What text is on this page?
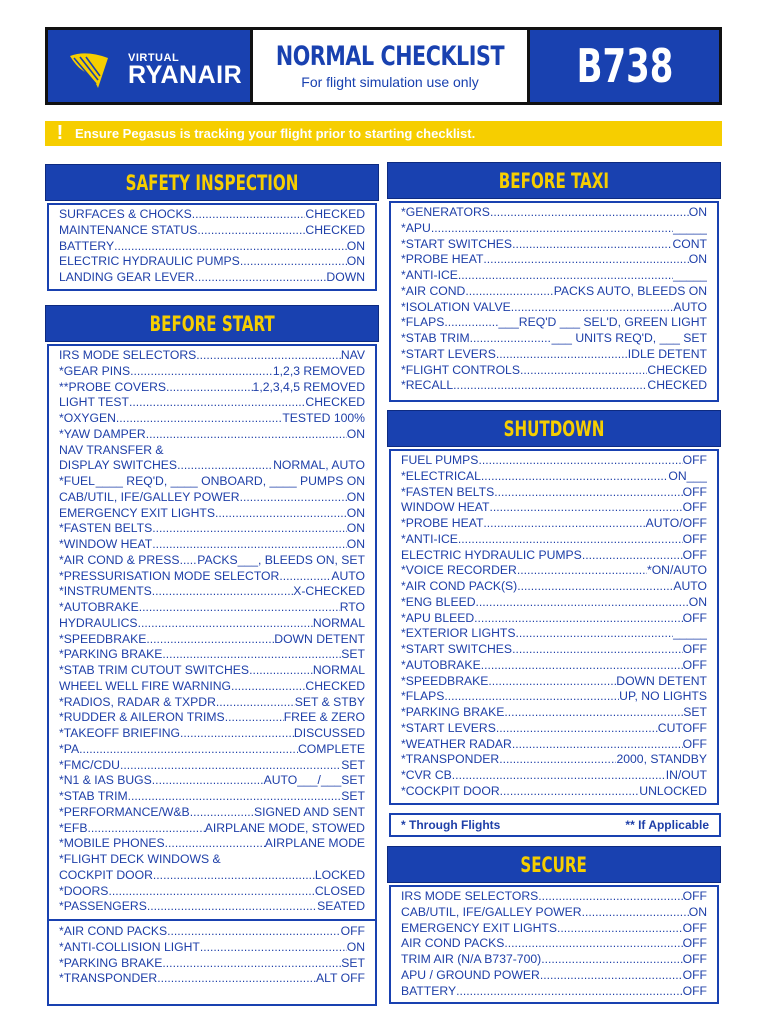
VIRTUAL
RYANAIR
NORMAL CHECKLIST
For flight simulation use only	B738
! Ensure Pegasus is tracking your flight prior to starting checklist.
SAFETY INSPECTION
SURFACES & CHOCKS .....	CHECKED
MAINTENANCE STATUS .....	CHECKED
BATTERY .....	ON
ELECTRIC HYDRAULIC PUMPS .....	ON
LANDING GEAR LEVER .....	DOWN
BEFORE START
IRS MODE SELECTORS .....	NAV
*GEAR PINS .....	1,2,3 REMOVED
**PROBE COVERS .....	1,2,3,4,5 REMOVED
LIGHT TEST .....	CHECKED
*OXYGEN .....	TESTED 100%
*YAW DAMPER .....	ON
NAV TRANSFER &
DISPLAY SWITCHES .....	NORMAL, AUTO
*FUEL ..... ____ REQ'D, ____ ONBOARD, ____ PUMPS ON
CAB/UTIL, IFE/GALLEY POWER .....	ON
EMERGENCY EXIT LIGHTS .....	ON
*FASTEN BELTS .....	ON
*WINDOW HEAT .....	ON
*AIR COND & PRESS ..... PACKS___, BLEEDS ON, SET
*PRESSURISATION MODE SELECTOR .....	AUTO
*INSTRUMENTS .....	X-CHECKED
*AUTOBRAKE .....	RTO
HYDRAULICS .....	NORMAL
*SPEEDBRAKE .....	DOWN DETENT
*PARKING BRAKE .....	SET
*STAB TRIM CUTOUT SWITCHES .....	NORMAL
WHEEL WELL FIRE WARNING .....	CHECKED
*RADIOS, RADAR & TXPDR .....	SET & STBY
*RUDDER & AILERON TRIMS .....	FREE & ZERO
*TAKEOFF BRIEFING .....	DISCUSSED
*PA .....	COMPLETE
*FMC/CDU .....	SET
*N1 & IAS BUGS .....	AUTO___/___SET
*STAB TRIM .....	SET
*PERFORMANCE/W&B .....	SIGNED AND SENT
*EFB .....	AIRPLANE MODE, STOWED
*MOBILE PHONES .....	AIRPLANE MODE
*FLIGHT DECK WINDOWS &
COCKPIT DOOR .....	LOCKED
*DOORS .....	CLOSED
*PASSENGERS .....	SEATED
*AIR COND PACKS .....	OFF
*ANTI-COLLISION LIGHT .....	ON
*PARKING BRAKE .....	SET
*TRANSPONDER .....	ALT OFF
BEFORE TAXI
*GENERATORS .....	ON
*APU .....	_____
*START SWITCHES .....	CONT
*PROBE HEAT .....	ON
*ANTI-ICE .....	_____
*AIR COND .....	PACKS AUTO, BLEEDS ON
*ISOLATION VALVE .....	AUTO
*FLAPS .....	___REQ'D ___ SEL'D, GREEN LIGHT
*STAB TRIM .....	___ UNITS REQ'D, ___ SET
*START LEVERS .....	IDLE DETENT
*FLIGHT CONTROLS .....	CHECKED
*RECALL .....	CHECKED
SHUTDOWN
FUEL PUMPS .....	OFF
*ELECTRICAL .....	ON___
*FASTEN BELTS .....	OFF
WINDOW HEAT .....	OFF
*PROBE HEAT .....	AUTO/OFF
*ANTI-ICE .....	OFF
ELECTRIC HYDRAULIC PUMPS .....	OFF
*VOICE RECORDER .....	*ON/AUTO
*AIR COND PACK(S) .....	AUTO
*ENG BLEED .....	ON
*APU BLEED .....	OFF
*EXTERIOR LIGHTS .....	_____
*START SWITCHES .....	OFF
*AUTOBRAKE .....	OFF
*SPEEDBRAKE .....	DOWN DETENT
*FLAPS .....	UP, NO LIGHTS
*PARKING BRAKE .....	SET
*START LEVERS .....	CUTOFF
*WEATHER RADAR .....	OFF
*TRANSPONDER .....	2000, STANDBY
*CVR CB .....	IN/OUT
*COCKPIT DOOR .....	UNLOCKED
* Through Flights	** If Applicable
SECURE
IRS MODE SELECTORS .....	OFF
CAB/UTIL, IFE/GALLEY POWER .....	ON
EMERGENCY EXIT LIGHTS .....	OFF
AIR COND PACKS .....	OFF
TRIM AIR (N/A B737-700) .....	OFF
APU / GROUND POWER .....	OFF
BATTERY .....	OFF
